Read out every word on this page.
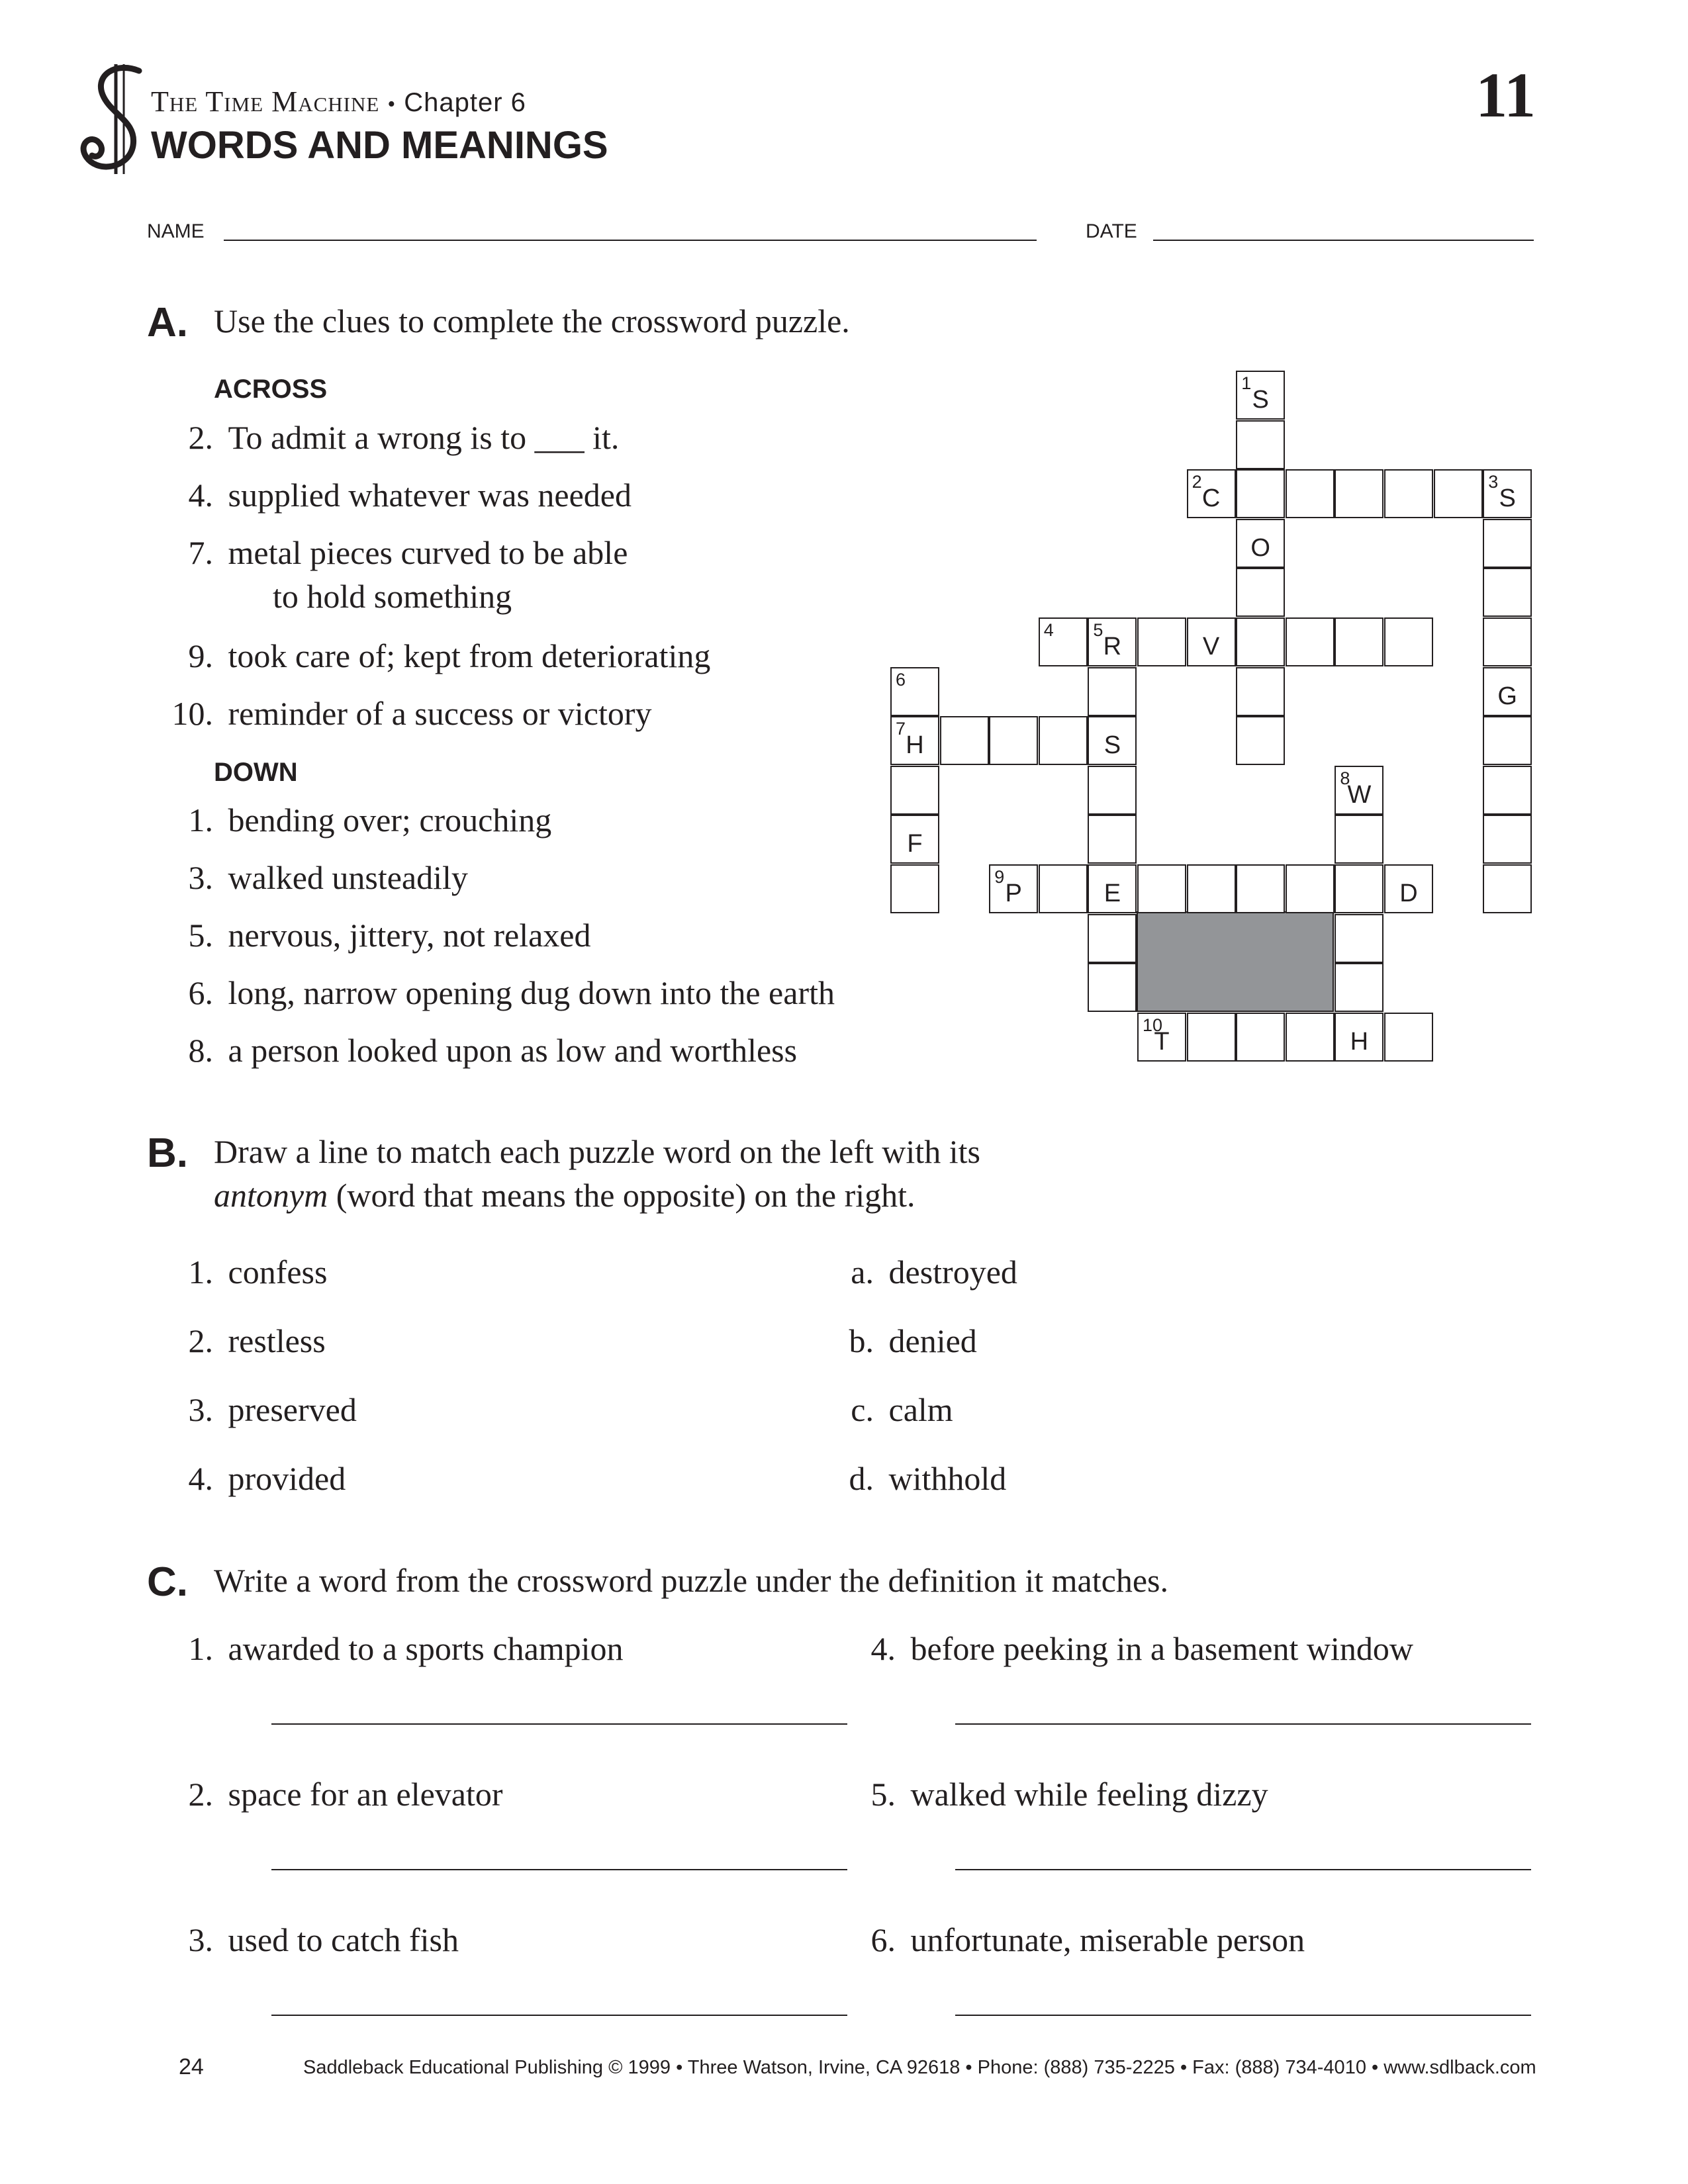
The Time Machine • Chapter 6
WORDS AND MEANINGS
11
NAME	DATE
A. Use the clues to complete the crossword puzzle.
ACROSS
2. To admit a wrong is to ___ it.
4. supplied whatever was needed
7. metal pieces curved to be able
to hold something
9. took care of; kept from deteriorating
10. reminder of a success or victory
DOWN
1. bending over; crouching
3. walked unsteadily
5. nervous, jittery, not relaxed
6. long, narrow opening dug down into the earth
8. a person looked upon as low and worthless
1
S
2
C
3
S
O
4 5
R	V
6
G
7
H	S
8
W
F
9
P	E	D
10
T	H
B. Draw a line to match each puzzle word on the left with its
antonym (word that means the opposite) on the right.
1. confess
2. restless
3. preserved
4. provided
a. destroyed
b. denied
c. calm
d. withhold
C. Write a word from the crossword puzzle under the definition it matches.
1. awarded to a sports champion
2. space for an elevator
3. used to catch fish
4. before peeking in a basement window
5. walked while feeling dizzy
6. unfortunate, miserable person
24	Saddleback Educational Publishing © 1999 • Three Watson, Irvine, CA 92618 • Phone: (888) 735-2225 • Fax: (888) 734-4010 • www.sdlback.com
